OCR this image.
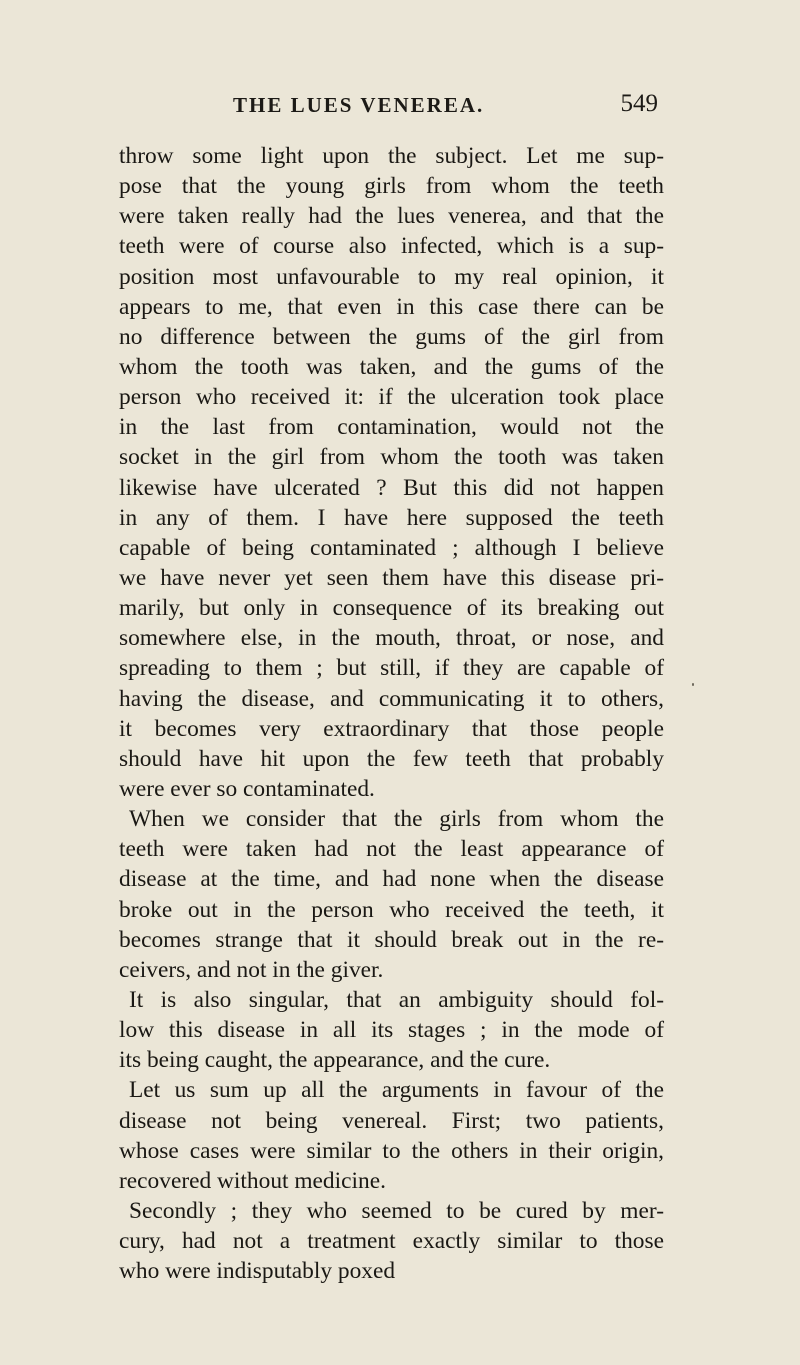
THE LUES VENEREA.	549
throw some light upon the subject. Let me sup-
pose that the young girls from whom the teeth
were taken really had the lues venerea, and that the
teeth were of course also infected, which is a sup-
position most unfavourable to my real opinion, it
appears to me, that even in this case there can be
no difference between the gums of the girl from
whom the tooth was taken, and the gums of the
person who received it: if the ulceration took place
in the last from contamination, would not the
socket in the girl from whom the tooth was taken
likewise have ulcerated ? But this did not happen
in any of them. I have here supposed the teeth
capable of being contaminated ; although I believe
we have never yet seen them have this disease pri-
marily, but only in consequence of its breaking out
somewhere else, in the mouth, throat, or nose, and
spreading to them ; but still, if they are capable of
having the disease, and communicating it to others,
it becomes very extraordinary that those people
should have hit upon the few teeth that probably
were ever so contaminated.
When we consider that the girls from whom the
teeth were taken had not the least appearance of
disease at the time, and had none when the disease
broke out in the person who received the teeth, it
becomes strange that it should break out in the re-
ceivers, and not in the giver.
It is also singular, that an ambiguity should fol-
low this disease in all its stages ; in the mode of
its being caught, the appearance, and the cure.
Let us sum up all the arguments in favour of the
disease not being venereal. First; two patients,
whose cases were similar to the others in their origin,
recovered without medicine.
Secondly ; they who seemed to be cured by mer-
cury, had not a treatment exactly similar to those
who were indisputably poxed
